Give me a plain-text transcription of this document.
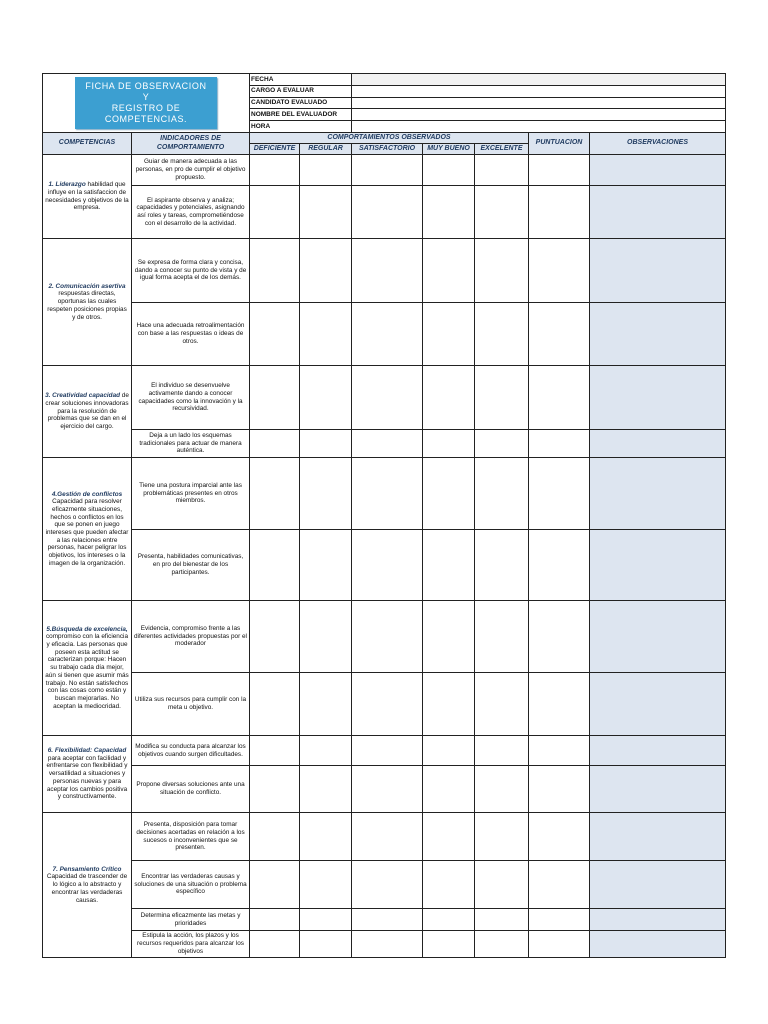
FICHA DE OBSERVACION Y
REGISTRO DE COMPETENCIAS.		FECHA						
		CARGO A EVALUAR						
		CANDIDATO EVALUADO						
		NOMBRE DEL EVALUADOR						
		HORA						
COMPETENCIAS	INDICADORES DE COMPORTAMIENTO	COMPORTAMIENTOS OBSERVADOS					PUNTUACION	OBSERVACIONES
		DEFICIENTE	REGULAR	SATISFACTORIO	MUY BUENO	EXCELENTE		
1. Liderazgo habilidad que influye en la satisfaccion de necesidades y objetivos de la empresa.	Guiar de manera adecuada a las personas, en pro de cumplir el objetivo propuesto.							
	El aspirante observa y analiza; capacidades y potenciales, asignando así roles y tareas, comprometiéndose con el desarrollo de la actividad.							
2. Comunicación asertiva respuestas directas, oportunas las cuales respeten posiciones propias y de otros.	Se expresa de forma clara y concisa, dando a conocer su punto de vista y de igual forma acepta el de los demás.							
	Hace una adecuada retroalimentación con base a las respuestas o ideas de otros.							
3. Creatividad capacidad de crear soluciones innovadoras para la resolución de problemas que se dan en el ejercicio del cargo.	El individuo se desenvuelve activamente dando a conocer capacidades como la innovación y la recursividad.							
	Deja a un lado los esquemas tradicionales para actuar de manera auténtica.							
4.Gestión de conflictos Capacidad para resolver eficazmente situaciones, hechos o conflictos en los que se ponen en juego intereses que pueden afectar a las relaciones entre personas, hacer peligrar los objetivos, los intereses o la imagen de la organización.	Tiene una postura imparcial ante las problemáticas presentes en otros miembros.							
	Presenta, habilidades comunicativas, en pro del bienestar de los participantes.							
5.Búsqueda de excelencia, compromiso con la eficiencia y eficacia. Las personas que poseen esta actitud se caracterizan porque: Hacen su trabajo cada día mejor, aún si tienen que asumir más trabajo. No están satisfechos con las cosas como están y buscan mejorarlas. No aceptan la mediocridad.	Evidencia, compromiso frente a las diferentes actividades propuestas por el moderador							
	Utiliza sus recursos para cumplir con la meta u objetivo.							
6. Flexibilidad: Capacidad para aceptar con facilidad y enfrentarse con flexibilidad y versatilidad a situaciones y personas nuevas y para aceptar los cambios positiva y constructivamente.	Modifica su conducta para alcanzar los objetivos cuando surgen dificultades.							
	Propone diversas soluciones ante una situación de conflicto.							
7. Pensamiento Crítico Capacidad de trascender de lo lógico a lo abstracto y encontrar las verdaderas causas.	Presenta, disposición para tomar decisiones acertadas en relación a los sucesos o inconvenientes que se presenten.							
	Encontrar las verdaderas causas y soluciones de una situación o problema específico							
	Determina eficazmente las metas y prioridades							
	Estipula la acción, los plazos y los recursos requeridos para alcanzar los objetivos							
